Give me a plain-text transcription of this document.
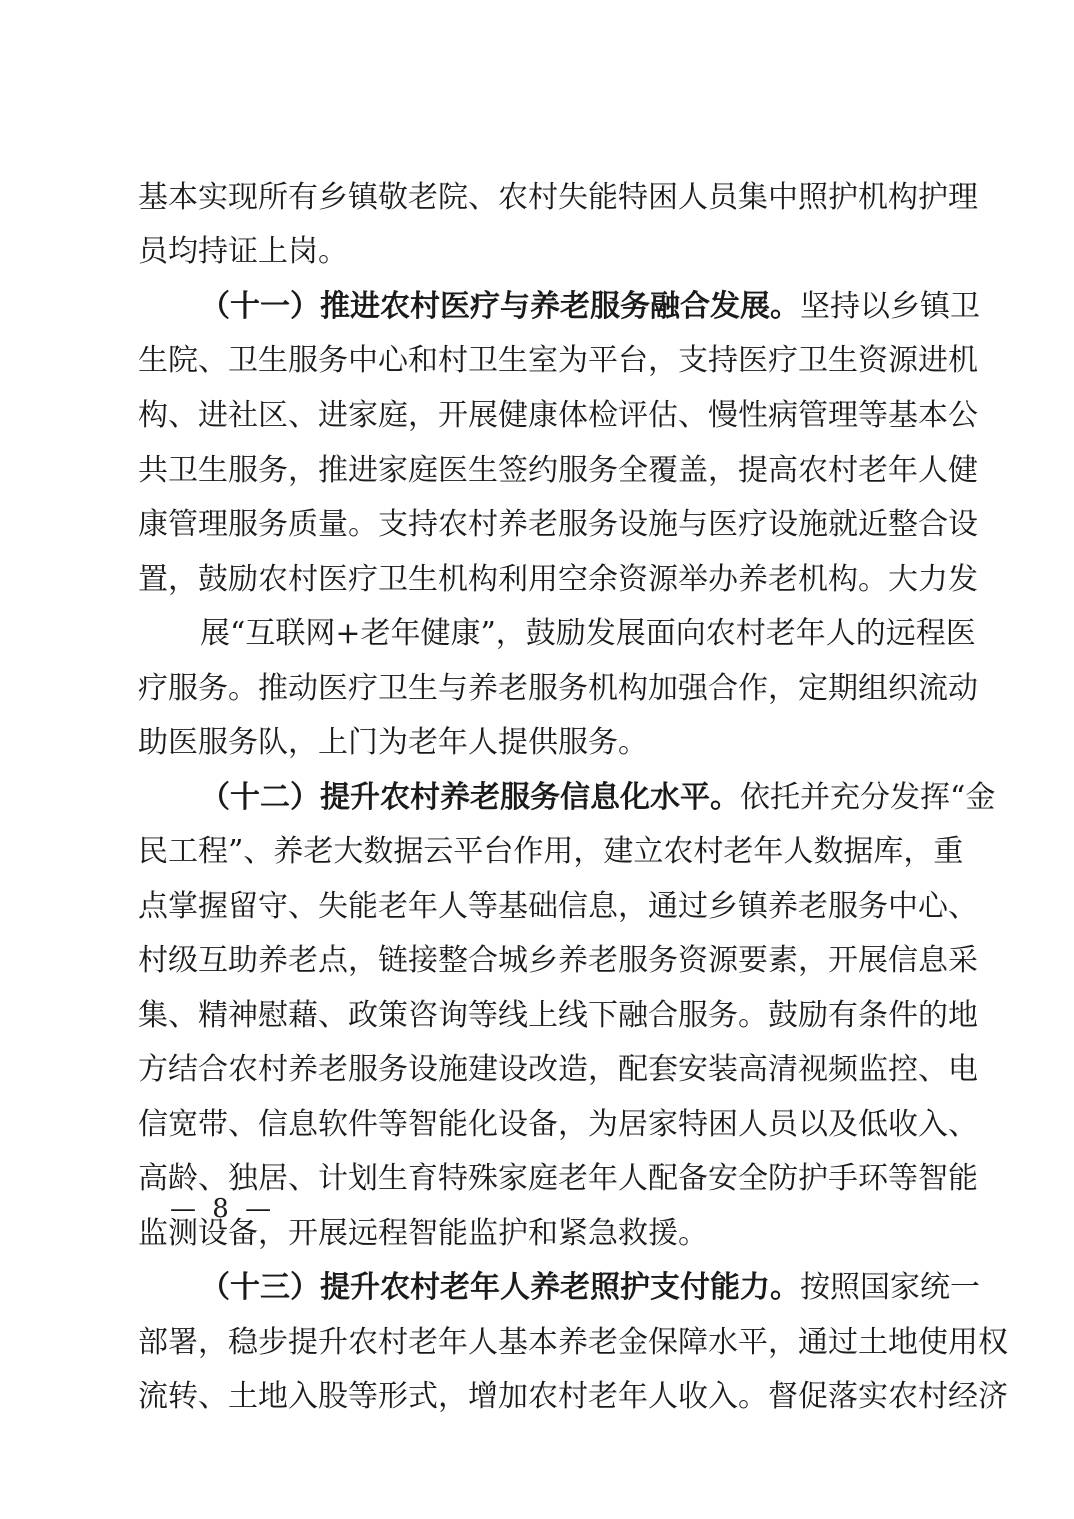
基本实现所有乡镇敬老院、农村失能特困人员集中照护机构护理
员均持证上岗。
（十一）推进农村医疗与养老服务融合发展。坚持以乡镇卫
生院、卫生服务中心和村卫生室为平台，支持医疗卫生资源进机
构、进社区、进家庭，开展健康体检评估、慢性病管理等基本公
共卫生服务，推进家庭医生签约服务全覆盖，提高农村老年人健
康管理服务质量。支持农村养老服务设施与医疗设施就近整合设
置，鼓励农村医疗卫生机构利用空余资源举办养老机构。大力发
展“互联网+老年健康”，鼓励发展面向农村老年人的远程医
疗服务。推动医疗卫生与养老服务机构加强合作，定期组织流动
助医服务队，上门为老年人提供服务。
（十二）提升农村养老服务信息化水平。依托并充分发挥“金
民工程”、养老大数据云平台作用，建立农村老年人数据库，重
点掌握留守、失能老年人等基础信息，通过乡镇养老服务中心、
村级互助养老点，链接整合城乡养老服务资源要素，开展信息采
集、精神慰藉、政策咨询等线上线下融合服务。鼓励有条件的地
方结合农村养老服务设施建设改造，配套安装高清视频监控、电
信宽带、信息软件等智能化设备，为居家特困人员以及低收入、
高龄、独居、计划生育特殊家庭老年人配备安全防护手环等智能
监测设备，开展远程智能监护和紧急救援。
（十三）提升农村老年人养老照护支付能力。按照国家统一
部署，稳步提升农村老年人基本养老金保障水平，通过土地使用权
流转、土地入股等形式，增加农村老年人收入。督促落实农村经济
— 8 —
